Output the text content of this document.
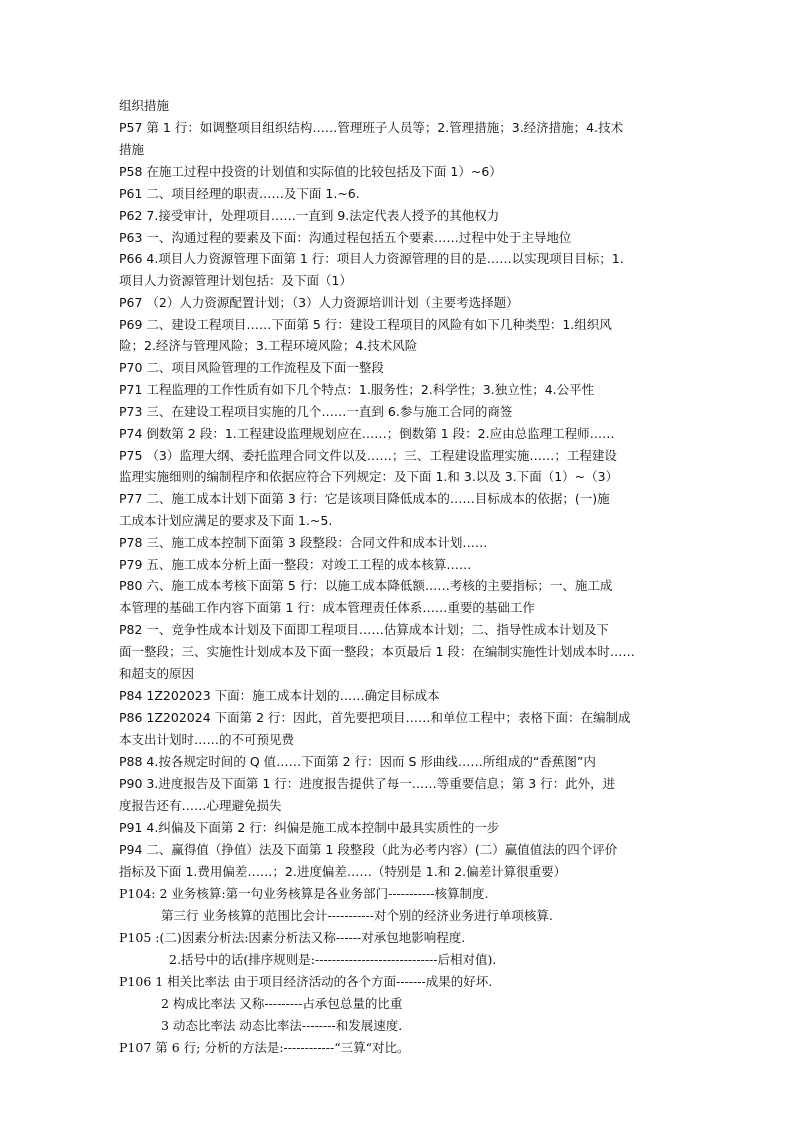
组织措施
P57 第 1 行：如调整项目组织结构……管理班子人员等；2.管理措施；3.经济措施；4.技术
措施
P58 在施工过程中投资的计划值和实际值的比较包括及下面 1）~6）
P61 二、项目经理的职责……及下面 1.~6.
P62 7.接受审计，处理项目……一直到 9.法定代表人授予的其他权力
P63 一、沟通过程的要素及下面：沟通过程包括五个要素……过程中处于主导地位
P66 4.项目人力资源管理下面第 1 行：项目人力资源管理的目的是……以实现项目目标；1.
项目人力资源管理计划包括：及下面（1）
P67 （2）人力资源配置计划；（3）人力资源培训计划（主要考选择题）
P69 二、建设工程项目……下面第 5 行：建设工程项目的风险有如下几种类型：1.组织风
险；2.经济与管理风险；3.工程环境风险；4.技术风险
P70 二、项目风险管理的工作流程及下面一整段
P71 工程监理的工作性质有如下几个特点：1.服务性；2.科学性；3.独立性；4.公平性
P73 三、在建设工程项目实施的几个……一直到 6.参与施工合同的商签
P74 倒数第 2 段：1.工程建设监理规划应在……；倒数第 1 段：2.应由总监理工程师……
P75 （3）监理大纲、委托监理合同文件以及……；三、工程建设监理实施……；工程建设
监理实施细则的编制程序和依据应符合下列规定：及下面 1.和 3.以及 3.下面（1）~（3）
P77 二、施工成本计划下面第 3 行：它是该项目降低成本的……目标成本的依据；(一)施
工成本计划应满足的要求及下面 1.~5.
P78 三、施工成本控制下面第 3 段整段：合同文件和成本计划……
P79 五、施工成本分析上面一整段：对竣工工程的成本核算……
P80 六、施工成本考核下面第 5 行：以施工成本降低额……考核的主要指标；一、施工成
本管理的基础工作内容下面第 1 行：成本管理责任体系……重要的基础工作
P82 一、竞争性成本计划及下面即工程项目……估算成本计划；二、指导性成本计划及下
面一整段；三、实施性计划成本及下面一整段；本页最后 1 段：在编制实施性计划成本时……
和超支的原因
P84 1Z202023 下面：施工成本计划的……确定目标成本
P86 1Z202024 下面第 2 行：因此，首先要把项目……和单位工程中；表格下面：在编制成
本支出计划时……的不可预见费
P88 4.按各规定时间的 Q 值……下面第 2 行：因而 S 形曲线……所组成的“香蕉图”内
P90 3.进度报告及下面第 1 行：进度报告提供了每一……等重要信息；第 3 行：此外，进
度报告还有……心理避免损失
P91 4.纠偏及下面第 2 行：纠偏是施工成本控制中最具实质性的一步
P94 二、赢得值（挣值）法及下面第 1 段整段（此为必考内容）(二）赢值值法的四个评价
指标及下面 1.费用偏差……；2.进度偏差……（特别是 1.和 2.偏差计算很重要）
P104: 2 业务核算:第一句业务核算是各业务部门-----------核算制度.
第三行 业务核算的范围比会计-----------对个别的经济业务进行单项核算.
P105 :(二)因素分析法:因素分析法又称------对承包地影响程度.
2.括号中的话(排序规则是:-----------------------------后相对值).
P106 1 相关比率法 由于项目经济活动的各个方面-------成果的好坏.
2 构成比率法 又称---------占承包总量的比重
3 动态比率法 动态比率法--------和发展速度.
P107 第 6 行; 分析的方法是:------------“三算“对比。
